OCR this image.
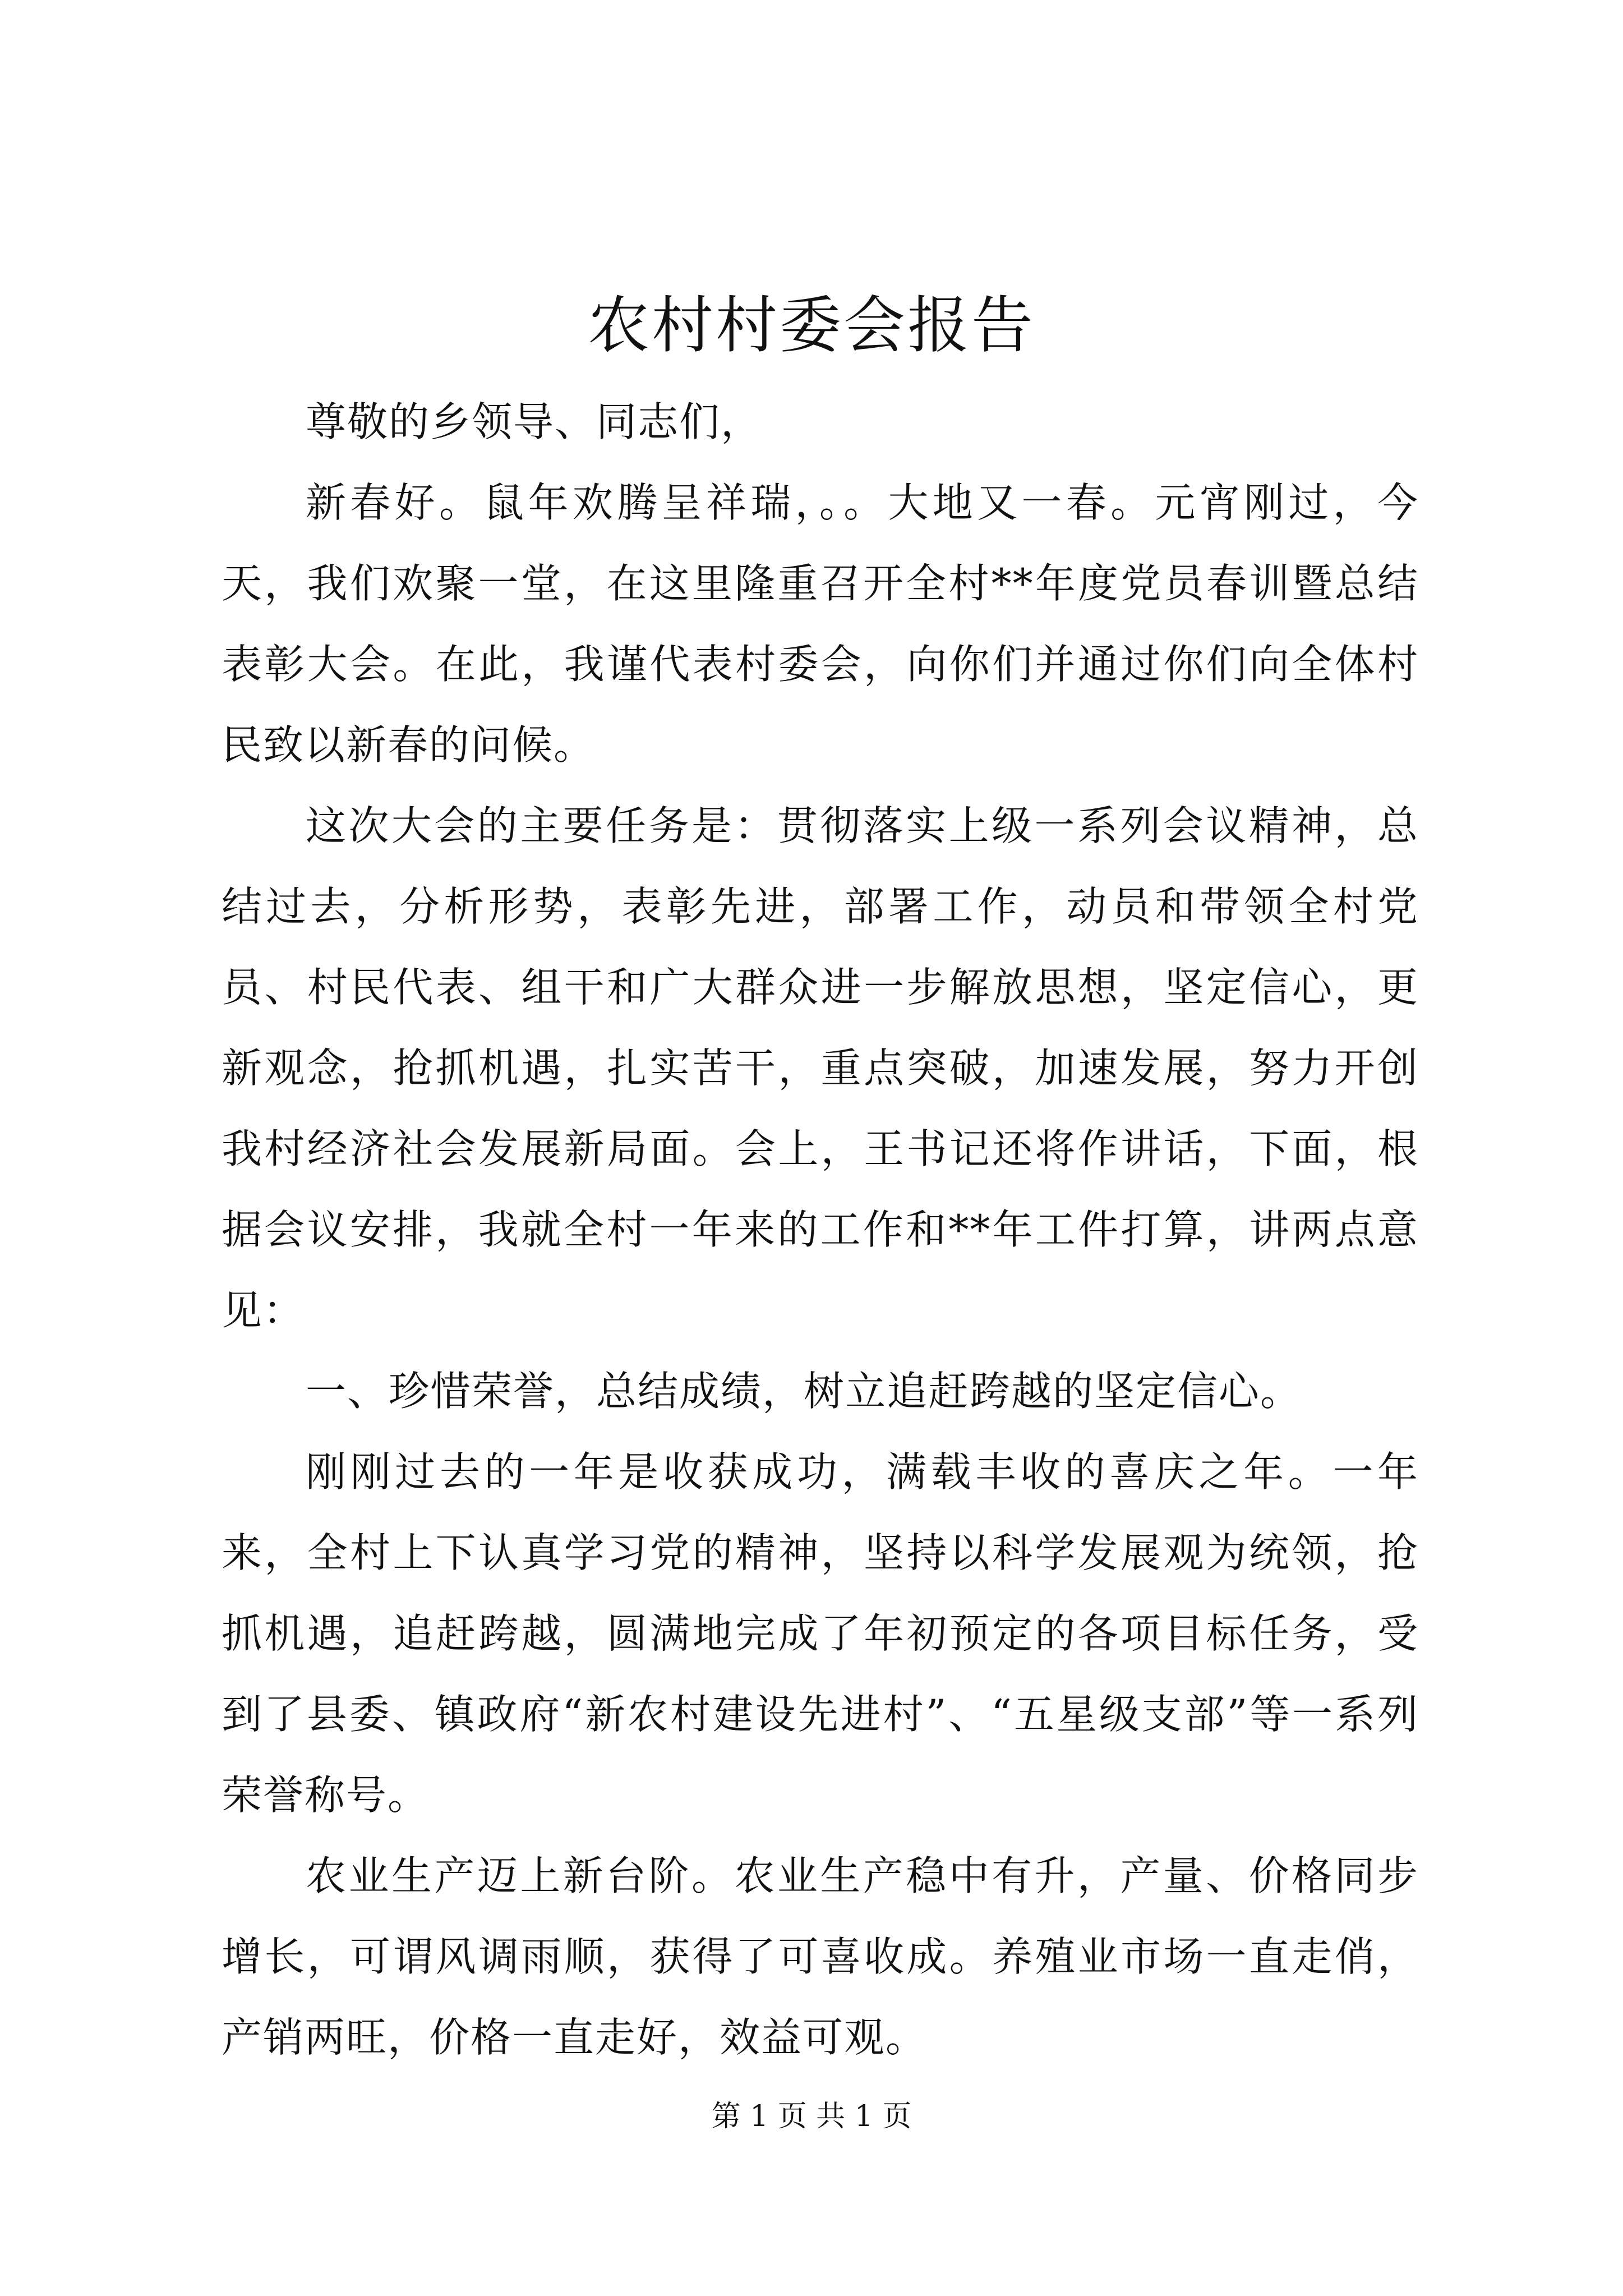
农村村委会报告

尊敬的乡领导、同志们，

新春好。鼠年欢腾呈祥瑞，。。大地又一春。元宵刚过，今天，我们欢聚一堂，在这里隆重召开全村**年度党员春训暨总结表彰大会。在此，我谨代表村委会，向你们并通过你们向全体村民致以新春的问候。

这次大会的主要任务是：贯彻落实上级一系列会议精神，总结过去，分析形势，表彰先进，部署工作，动员和带领全村党员、村民代表、组干和广大群众进一步解放思想，坚定信心，更新观念，抢抓机遇，扎实苦干，重点突破，加速发展，努力开创我村经济社会发展新局面。会上，王书记还将作讲话，下面，根据会议安排，我就全村一年来的工作和**年工件打算，讲两点意见：

一、珍惜荣誉，总结成绩，树立追赶跨越的坚定信心。

刚刚过去的一年是收获成功，满载丰收的喜庆之年。一年来，全村上下认真学习党的精神，坚持以科学发展观为统领，抢抓机遇，追赶跨越，圆满地完成了年初预定的各项目标任务，受到了县委、镇政府“新农村建设先进村”、“五星级支部”等一系列荣誉称号。

农业生产迈上新台阶。农业生产稳中有升，产量、价格同步增长，可谓风调雨顺，获得了可喜收成。养殖业市场一直走俏，产销两旺，价格一直走好，效益可观。

第 1 页 共 1 页
